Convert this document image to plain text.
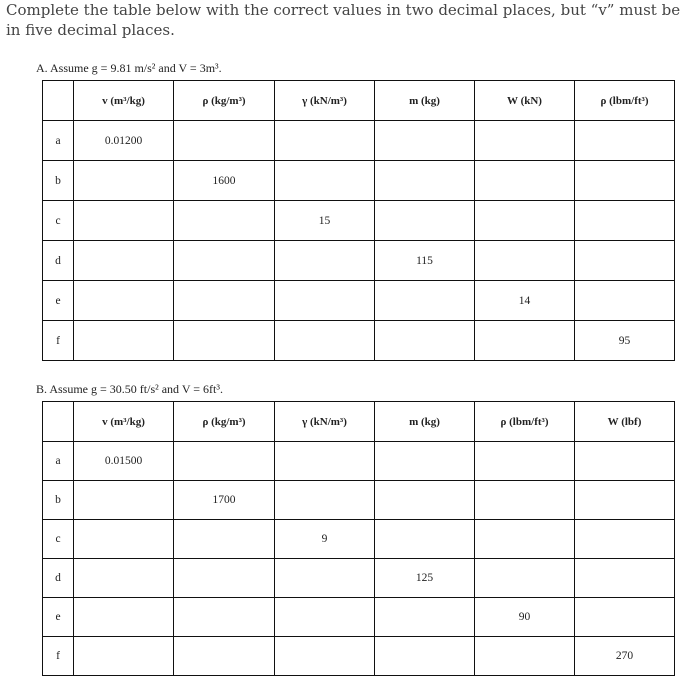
Complete the table below with the correct values in two decimal places, but “v” must be
in five decimal places.
A. Assume g = 9.81 m/s² and V = 3m³.
	v (m³/kg)	ρ (kg/m³)	γ (kN/m³)	m (kg)	W (kN)	ρ (lbm/ft³)
a	0.01200					
b		1600				
c			15			
d				115		
e					14	
f						95
B. Assume g = 30.50 ft/s² and V = 6ft³.
	v (m³/kg)	ρ (kg/m³)	γ (kN/m³)	m (kg)	ρ (lbm/ft³)	W (lbf)
a	0.01500					
b		1700				
c			9			
d				125		
e					90	
f						270
